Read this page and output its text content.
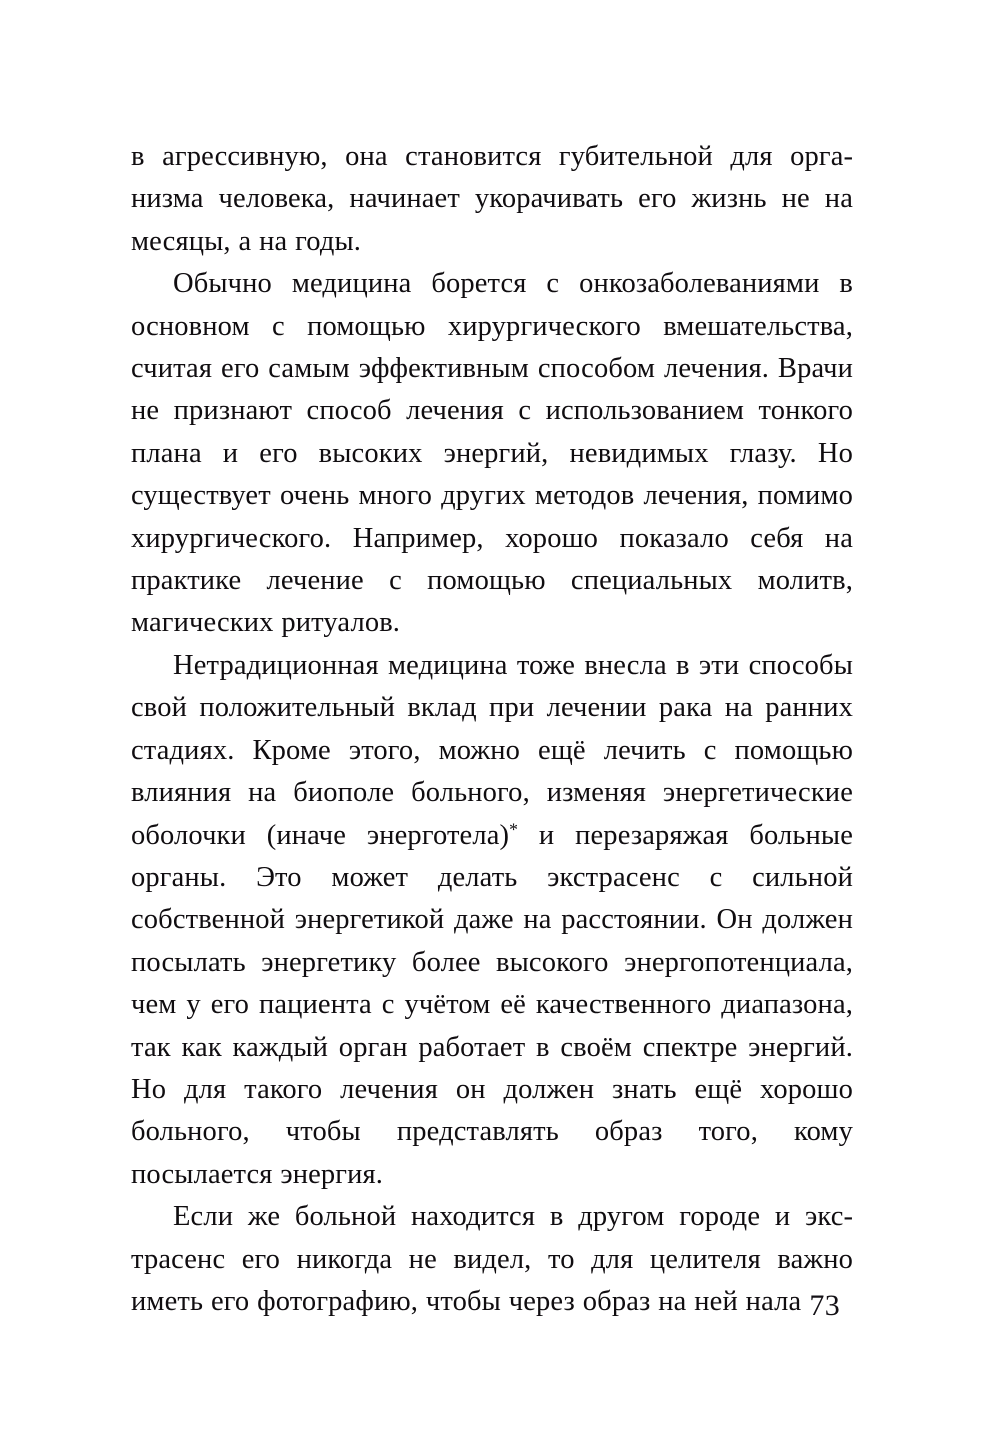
в агрессивную, она становится губительной для организма человека, начинает укорачивать его жизнь не на месяцы, а на годы.

Обычно медицина борется с онкозаболеваниями в основном с помощью хирургического вмешательства, считая его самым эффективным способом лечения. Врачи не признают способ лечения с использованием тонкого плана и его высоких энергий, невидимых глазу. Но существует очень много других методов лечения, помимо хирургического. Например, хорошо показало себя на практике лечение с помощью специальных молитв, магических ритуалов.

Нетрадиционная медицина тоже внесла в эти способы свой положительный вклад при лечении рака на ранних стадиях. Кроме этого, можно ещё лечить с помощью влияния на биополе больного, изменяя энергетические оболочки (иначе энерготела)* и перезаряжая больные органы. Это может делать экстрасенс с сильной собственной энергетикой даже на расстоянии. Он должен посылать энергетику более высокого энергопотенциала, чем у его пациента с учётом её качественного диапазона, так как каждый орган работает в своём спектре энергий. Но для такого лечения он должен знать ещё хорошо больного, чтобы представлять образ того, кому посылается энергия.

Если же больной находится в другом городе и экстрасенс его никогда не видел, то для целителя важно иметь его фотографию, чтобы через образ на ней нала 73
